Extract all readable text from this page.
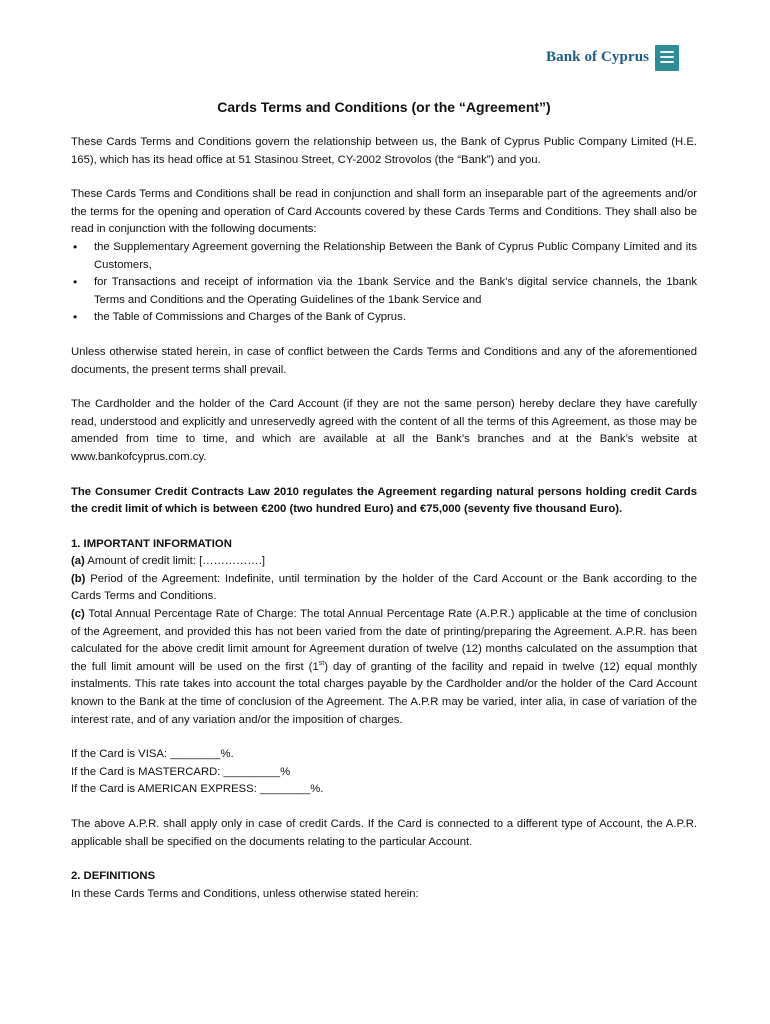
Bank of Cyprus
Cards Terms and Conditions (or the “Agreement”)

These Cards Terms and Conditions govern the relationship between us, the Bank of Cyprus Public Company Limited (H.E. 165), which has its head office at 51 Stasinou Street, CY-2002 Strovolos (the “Bank”) and you.

These Cards Terms and Conditions shall be read in conjunction and shall form an inseparable part of the agreements and/or the terms for the opening and operation of Card Accounts covered by these Cards Terms and Conditions. They shall also be read in conjunction with the following documents:

• the Supplementary Agreement governing the Relationship Between the Bank of Cyprus Public Company Limited and its Customers,
• for Transactions and receipt of information via the 1bank Service and the Bank’s digital service channels, the 1bank Terms and Conditions and the Operating Guidelines of the 1bank Service and
• the Table of Commissions and Charges of the Bank of Cyprus.

Unless otherwise stated herein, in case of conflict between the Cards Terms and Conditions and any of the aforementioned documents, the present terms shall prevail.

The Cardholder and the holder of the Card Account (if they are not the same person) hereby declare they have carefully read, understood and explicitly and unreservedly agreed with the content of all the terms of this Agreement, as those may be amended from time to time, and which are available at all the Bank’s branches and at the Bank’s website at www.bankofcyprus.com.cy.

The Consumer Credit Contracts Law 2010 regulates the Agreement regarding natural persons holding credit Cards the credit limit of which is between €200 (two hundred Euro) and €75,000 (seventy five thousand Euro).

1. IMPORTANT INFORMATION
(a) Amount of credit limit: […………….]
(b) Period of the Agreement: Indefinite, until termination by the holder of the Card Account or the Bank according to the Cards Terms and Conditions.
(c) Total Annual Percentage Rate of Charge: The total Annual Percentage Rate (A.P.R.) applicable at the time of conclusion of the Agreement, and provided this has not been varied from the date of printing/preparing the Agreement. A.P.R. has been calculated for the above credit limit amount for Agreement duration of twelve (12) months calculated on the assumption that the full limit amount will be used on the first (1st) day of granting of the facility and repaid in twelve (12) equal monthly instalments. This rate takes into account the total charges payable by the Cardholder and/or the holder of the Card Account known to the Bank at the time of conclusion of the Agreement. The A.P.R may be varied, inter alia, in case of variation of the interest rate, and of any variation and/or the imposition of charges.
If the Card is VISA: ________%.
If the Card is MASTERCARD: _________%
If the Card is AMERICAN EXPRESS: ________%.

The above A.P.R. shall apply only in case of credit Cards. If the Card is connected to a different type of Account, the A.P.R. applicable shall be specified on the documents relating to the particular Account.

2. DEFINITIONS
In these Cards Terms and Conditions, unless otherwise stated herein:
